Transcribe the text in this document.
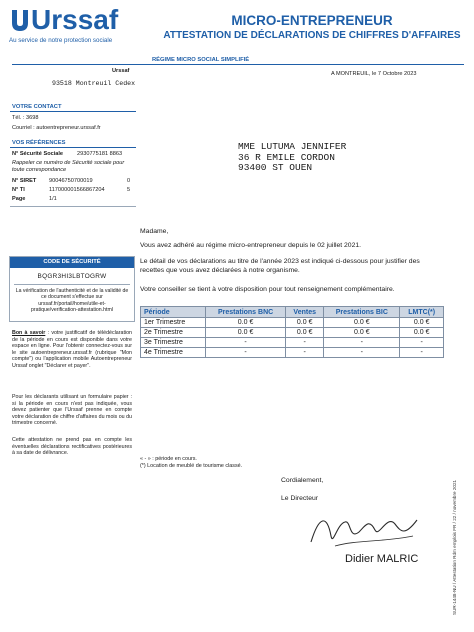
Urssaf
Au service de notre protection sociale
MICRO-ENTREPRENEUR
ATTESTATION DE DÉCLARATIONS DE CHIFFRES D'AFFAIRES
RÉGIME MICRO SOCIAL SIMPLIFIÉ
Urssaf
93518 Montreuil Cedex
A MONTREUIL, le 7 Octobre 2023
VOTRE CONTACT
Tél. : 3698
Courriel : autoentrepreneur.urssaf.fr
VOS RÉFÉRENCES
N° Sécurité Sociale 2930775181 8863
Rappeler ce numéro de Sécurité sociale pour toute correspondance
N° SIRET 90046750700019	0
N° TI	117000001566867204	5
Page	1/1
MME LUTUMA JENNIFER
36 R EMILE CORDON
93400 ST OUEN
CODE DE SÉCURITÉ
BQGR3HI3LBTOGRW
La vérification de l'authenticité et de la validité de ce document s'effectue sur urssaf.fr/portail/home/utile-et-pratique/verification-attestation.html
Bon à savoir : votre justificatif de télédéclaration de la période en cours est disponible dans votre espace en ligne. Pour l'obtenir connectez-vous sur le site autoentrepreneur.urssaf.fr (rubrique "Mon compte") ou l'application mobile Autoentrepreneur Urssaf onglet "Déclarer et payer".
Pour les déclarants utilisant un formulaire papier : si la période en cours n'est pas indiquée, vous devez patienter que l'Urssaf prenne en compte votre déclaration de chiffre d'affaires du mois ou du trimestre concerné.
Cette attestation ne prend pas en compte les éventuelles déclarations rectificatives postérieures à sa date de délivrance.
Madame,
Vous avez adhéré au régime micro-entrepreneur depuis le 02 juillet 2021.
Le détail de vos déclarations au titre de l'année 2023 est indiqué ci-dessous pour justifier des recettes que vous avez déclarées à notre organisme.
Votre conseiller se tient à votre disposition pour tout renseignement complémentaire.
Période	Prestations BNC	Ventes	Prestations BIC	LMTC(*)
1er Trimestre	0.0 €	0.0 €	0.0 €	0.0 €
2e Trimestre	0.0 €	0.0 €	0.0 €	0.0 €
3e Trimestre	-	-	-	-
4e Trimestre	-	-	-	-
« - » : période en cours.
(*) Location de meublé de tourisme classé.
Cordialement,
Le Directeur
Didier MALRIC	SUR-1448-NU / Attestation Rdm emplois FR / 22 / novembre 2021
